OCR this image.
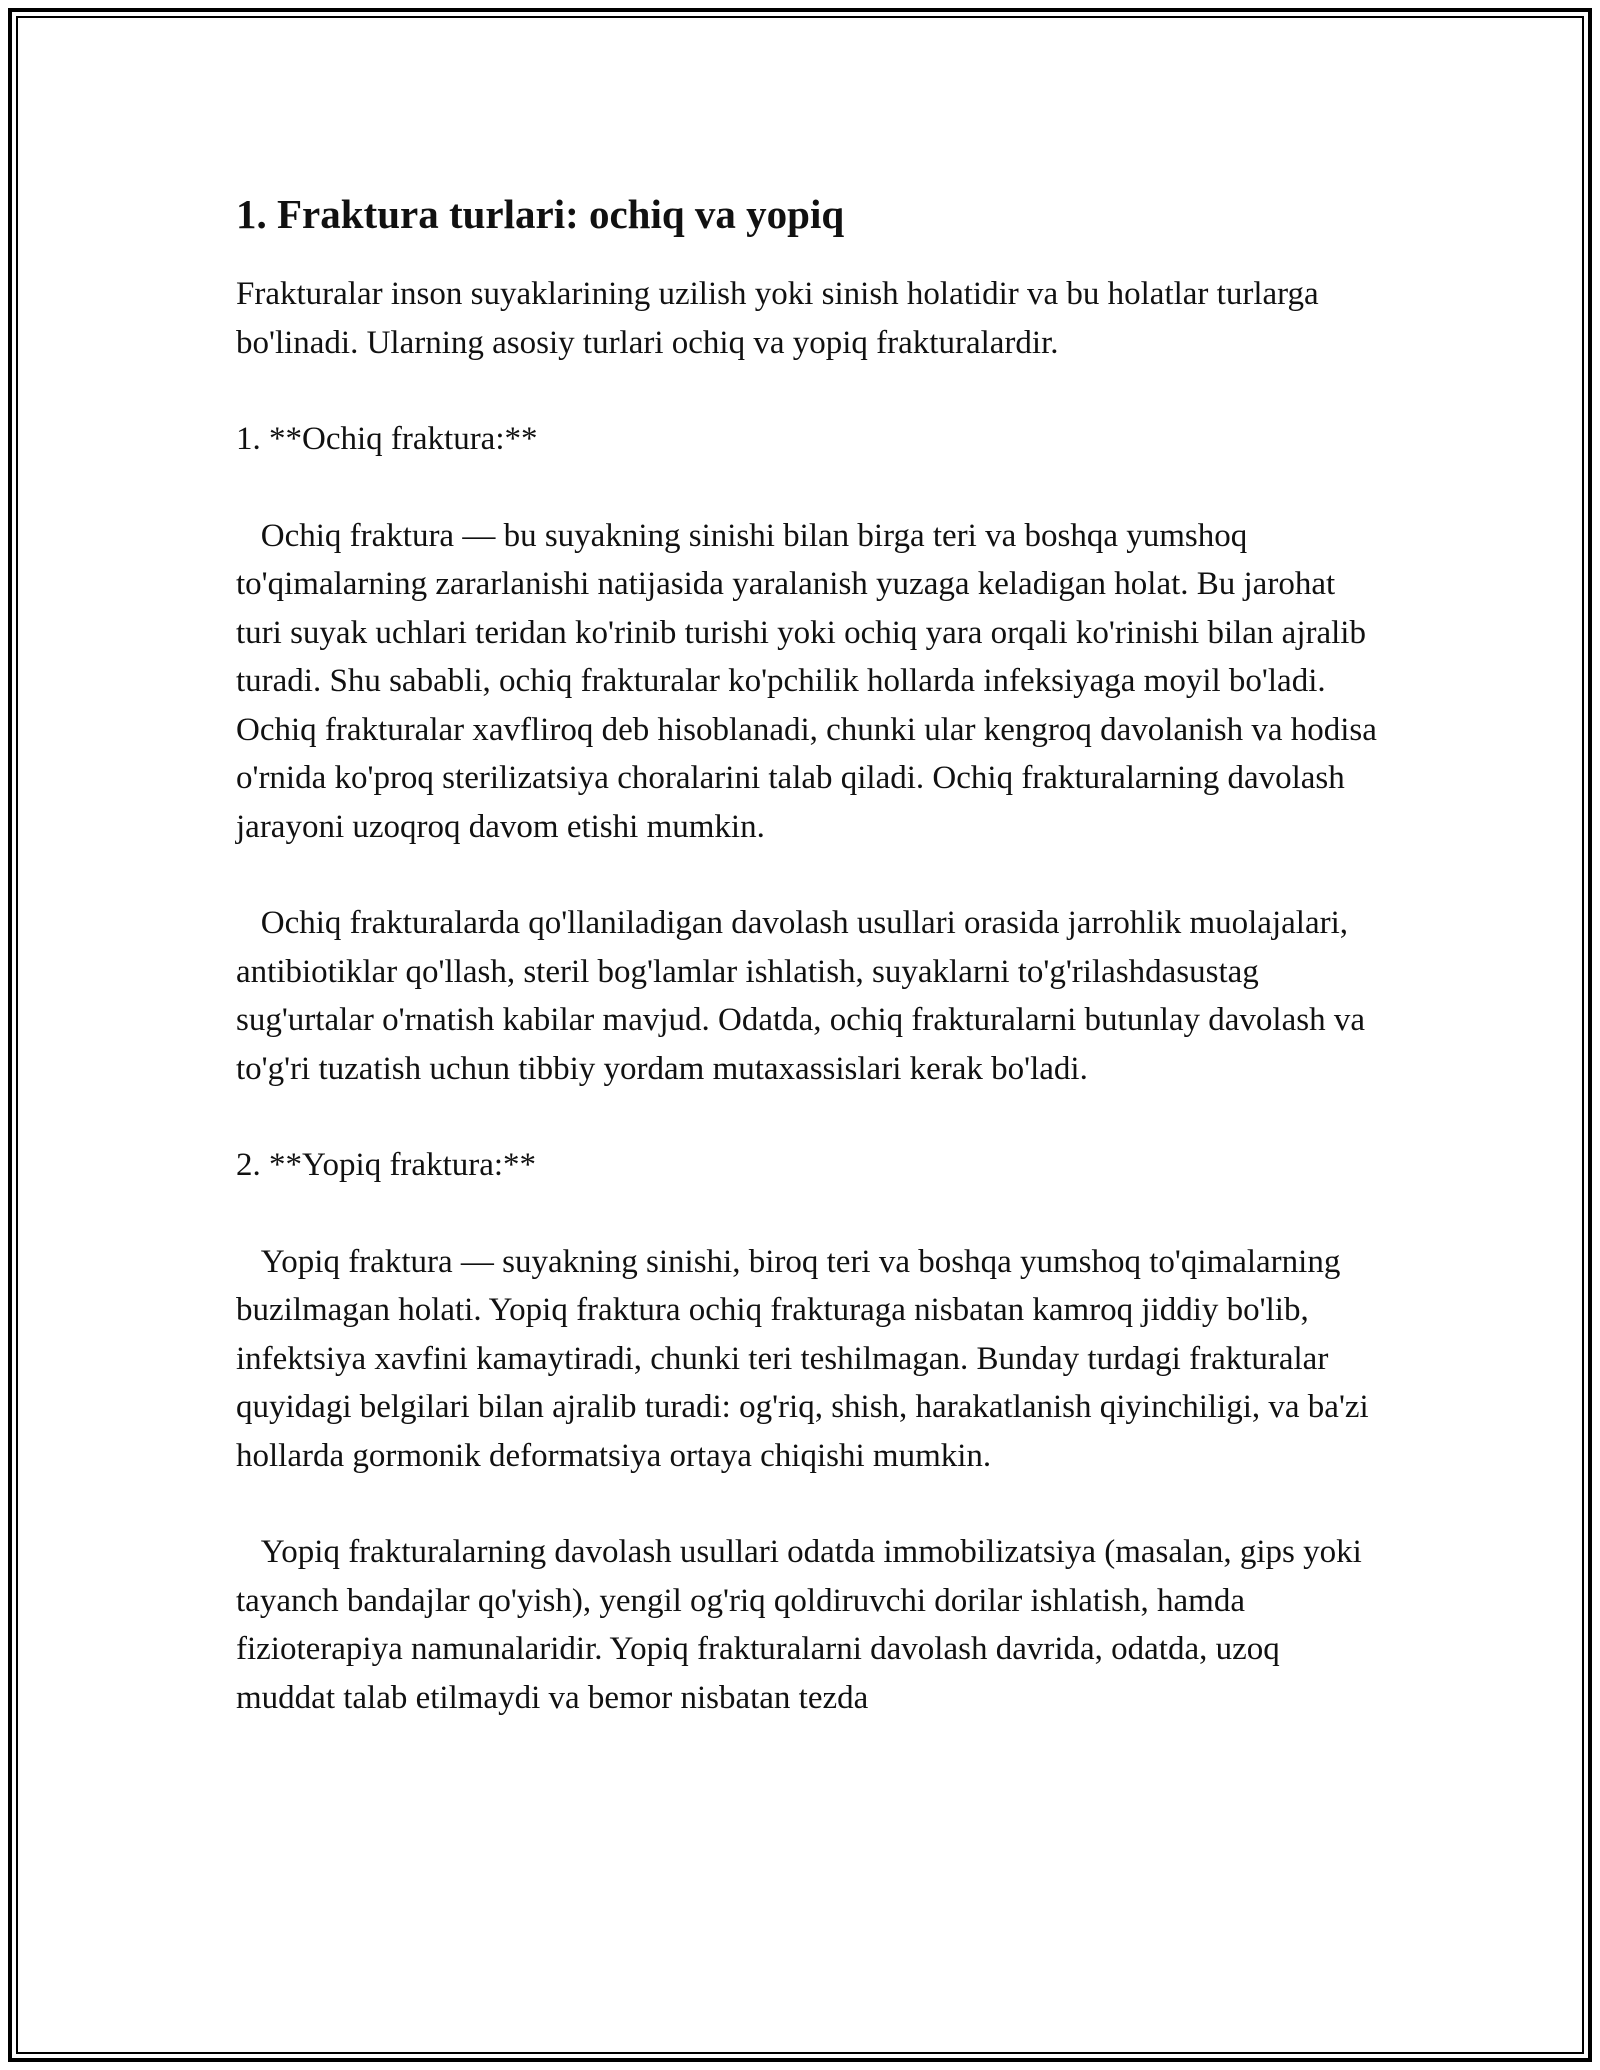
1. Fraktura turlari: ochiq va yopiq

Frakturalar inson suyaklarining uzilish yoki sinish holatidir va bu holatlar turlarga bo'linadi. Ularning asosiy turlari ochiq va yopiq frakturalardir.

1. **Ochiq fraktura:**

Ochiq fraktura — bu suyakning sinishi bilan birga teri va boshqa yumshoq to'qimalarning zararlanishi natijasida yaralanish yuzaga keladigan holat. Bu jarohat turi suyak uchlari teridan ko'rinib turishi yoki ochiq yara orqali ko'rinishi bilan ajralib turadi. Shu sababli, ochiq frakturalar ko'pchilik hollarda infeksiyaga moyil bo'ladi. Ochiq frakturalar xavfliroq deb hisoblanadi, chunki ular kengroq davolanish va hodisa o'rnida ko'proq sterilizatsiya choralarini talab qiladi. Ochiq frakturalarning davolash jarayoni uzoqroq davom etishi mumkin.

Ochiq frakturalarda qo'llaniladigan davolash usullari orasida jarrohlik muolajalari, antibiotiklar qo'llash, steril bog'lamlar ishlatish, suyaklarni to'g'rilashdasustag sug'urtalar o'rnatish kabilar mavjud. Odatda, ochiq frakturalarni butunlay davolash va to'g'ri tuzatish uchun tibbiy yordam mutaxassislari kerak bo'ladi.

2. **Yopiq fraktura:**

Yopiq fraktura — suyakning sinishi, biroq teri va boshqa yumshoq to'qimalarning buzilmagan holati. Yopiq fraktura ochiq frakturaga nisbatan kamroq jiddiy bo'lib, infektsiya xavfini kamaytiradi, chunki teri teshilmagan. Bunday turdagi frakturalar quyidagi belgilari bilan ajralib turadi: og'riq, shish, harakatlanish qiyinchiligi, va ba'zi hollarda gormonik deformatsiya ortaya chiqishi mumkin.

Yopiq frakturalarning davolash usullari odatda immobilizatsiya (masalan, gips yoki tayanch bandajlar qo'yish), yengil og'riq qoldiruvchi dorilar ishlatish, hamda fizioterapiya namunalaridir. Yopiq frakturalarni davolash davrida, odatda, uzoq muddat talab etilmaydi va bemor nisbatan tezda
